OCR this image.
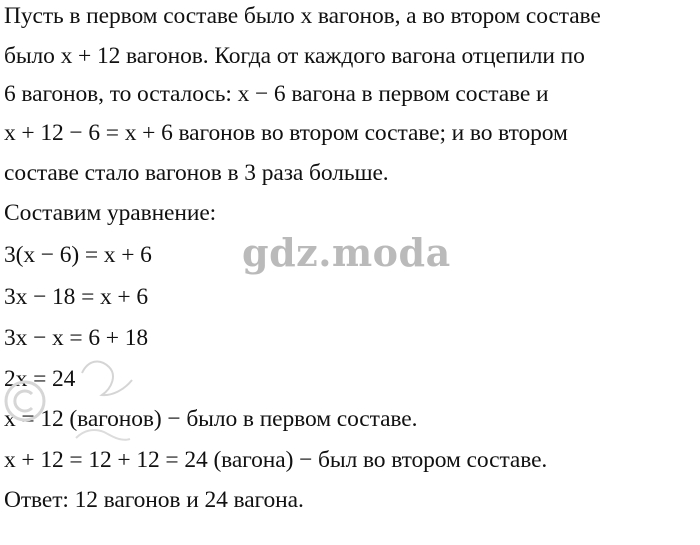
Пусть в первом составе было x вагонов, а во втором составе
было x + 12 вагонов. Когда от каждого вагона отцепили по
6 вагонов, то осталось: x − 6 вагона в первом составе и
x + 12 − 6 = x + 6 вагонов во втором составе; и во втором
составе стало вагонов в 3 раза больше.
Составим уравнение:
3(x − 6) = x + 6
3x − 18 = x + 6
3x − x = 6 + 18
2x = 24
x = 12 (вагонов) − было в первом составе.
x + 12 = 12 + 12 = 24 (вагона) − был во втором составе.
Ответ: 12 вагонов и 24 вагона.
gdz.moda
